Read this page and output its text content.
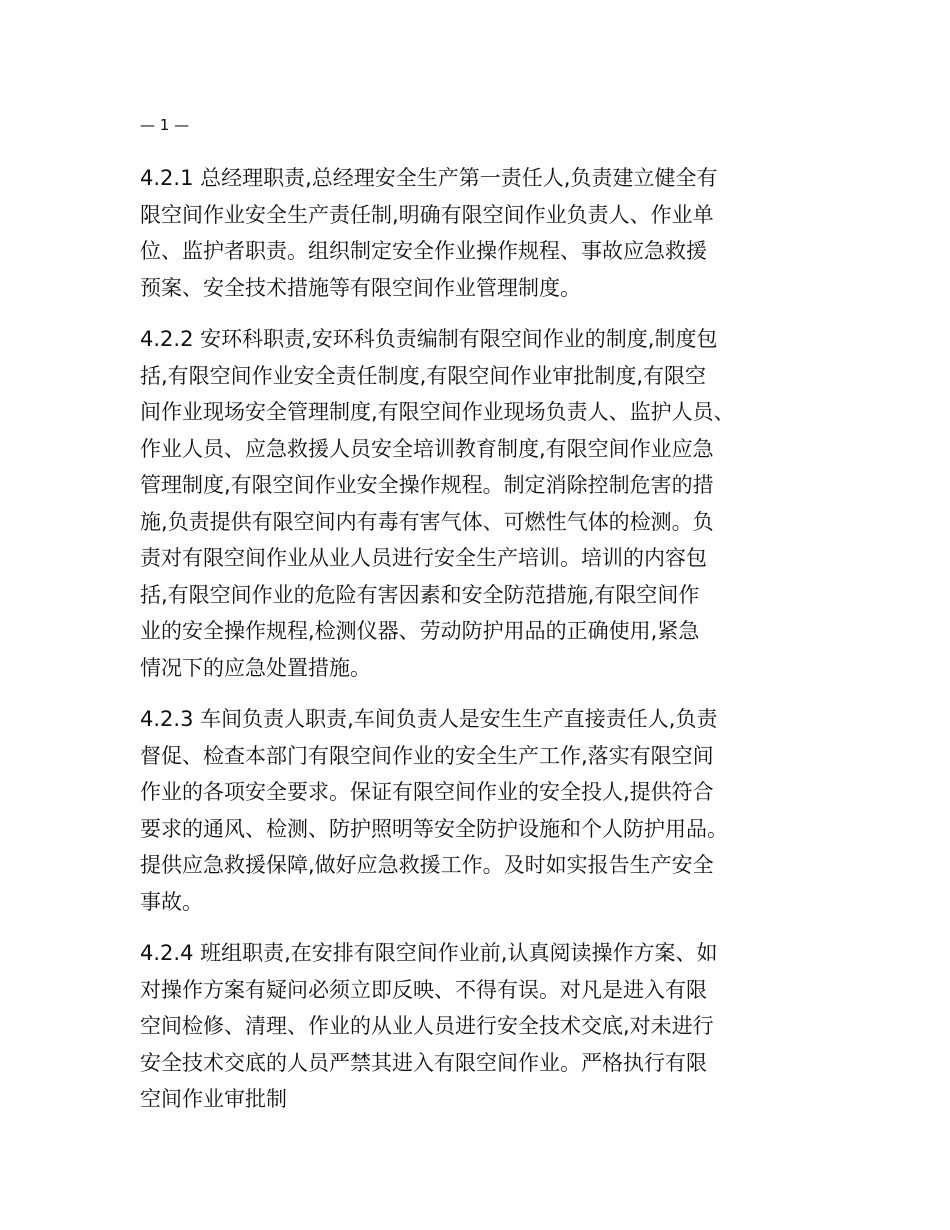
— 1 —

4.2.1 总经理职责,总经理安全生产第一责任人,负责建立健全有
限空间作业安全生产责任制,明确有限空间作业负责人、作业单
位、监护者职责。组织制定安全作业操作规程、事故应急救援
预案、安全技术措施等有限空间作业管理制度。

4.2.2 安环科职责,安环科负责编制有限空间作业的制度,制度包
括,有限空间作业安全责任制度,有限空间作业审批制度,有限空
间作业现场安全管理制度,有限空间作业现场负责人、监护人员、
作业人员、应急救援人员安全培训教育制度,有限空间作业应急
管理制度,有限空间作业安全操作规程。制定消除控制危害的措
施,负责提供有限空间内有毒有害气体、可燃性气体的检测。负
责对有限空间作业从业人员进行安全生产培训。培训的内容包
括,有限空间作业的危险有害因素和安全防范措施,有限空间作
业的安全操作规程,检测仪器、劳动防护用品的正确使用,紧急
情况下的应急处置措施。

4.2.3 车间负责人职责,车间负责人是安生生产直接责任人,负责
督促、检查本部门有限空间作业的安全生产工作,落实有限空间
作业的各项安全要求。保证有限空间作业的安全投人,提供符合
要求的通风、检测、防护照明等安全防护设施和个人防护用品。
提供应急救援保障,做好应急救援工作。及时如实报告生产安全
事故。

4.2.4 班组职责,在安排有限空间作业前,认真阅读操作方案、如
对操作方案有疑问必须立即反映、不得有误。对凡是进入有限
空间检修、清理、作业的从业人员进行安全技术交底,对未进行
安全技术交底的人员严禁其进入有限空间作业。严格执行有限
空间作业审批制
